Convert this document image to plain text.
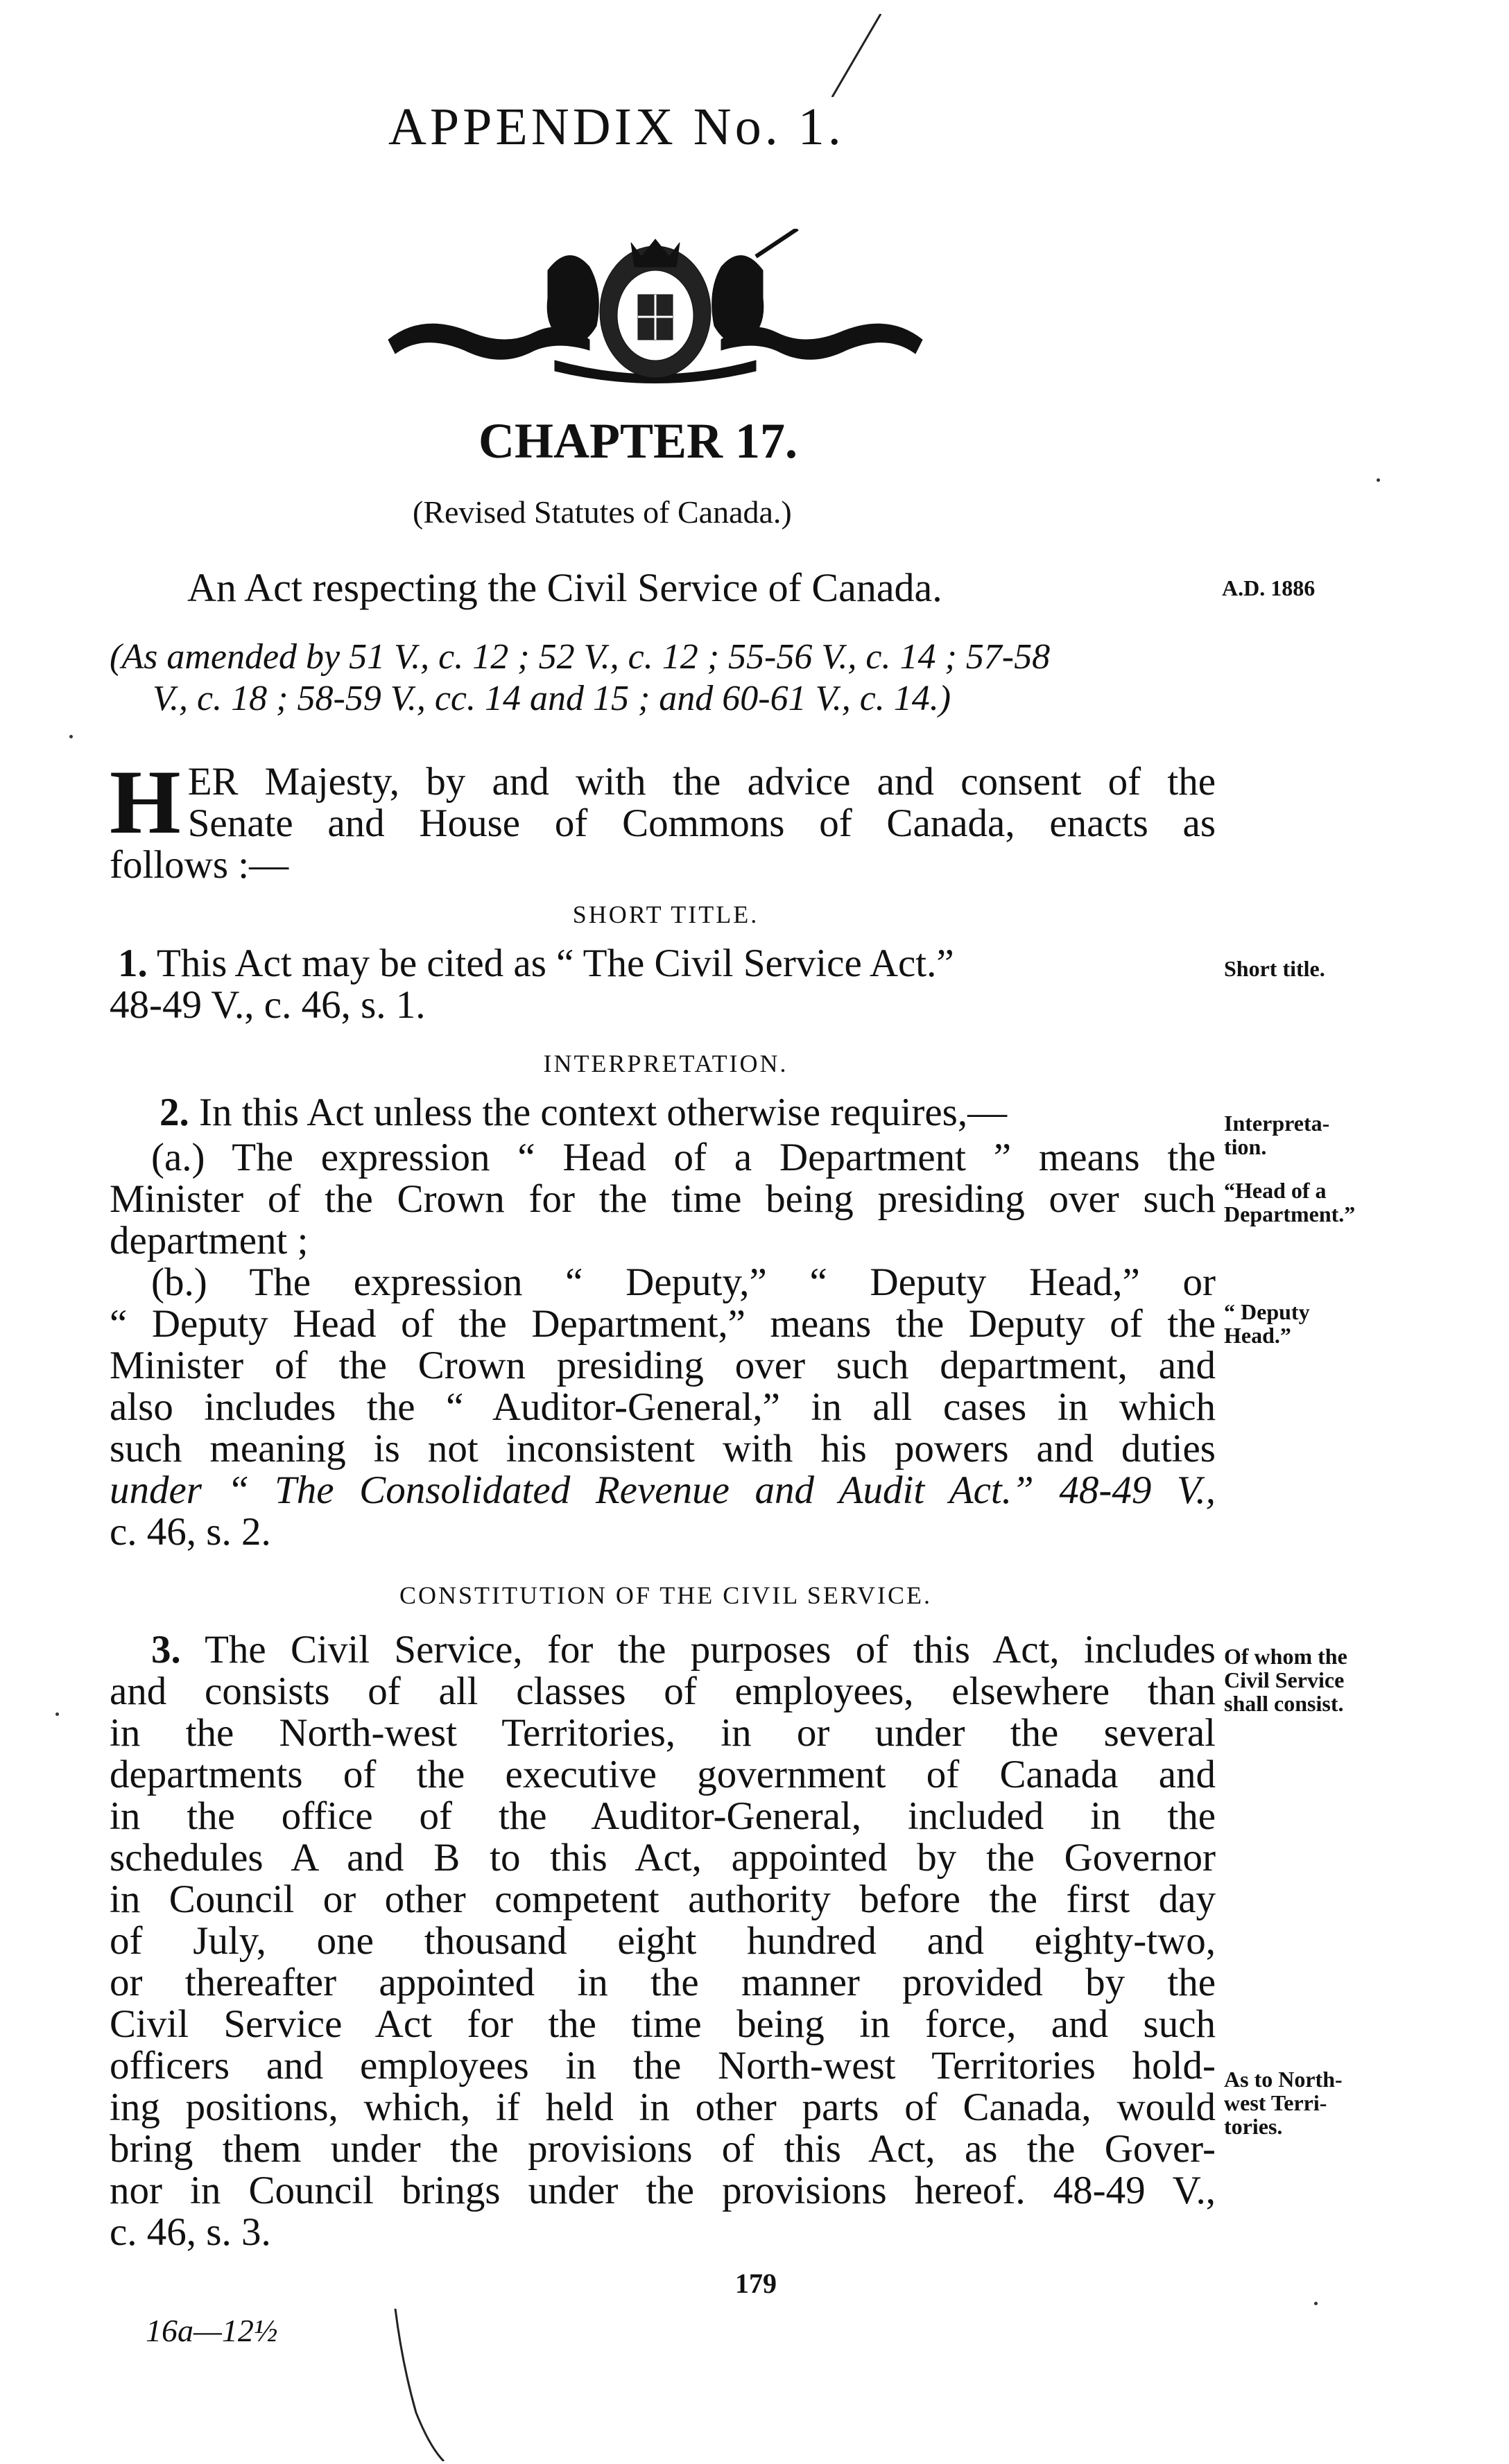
APPENDIX No. 1.
CHAPTER 17.
(Revised Statutes of Canada.)
An Act respecting the Civil Service of Canada.	A.D. 1886
(As amended by 51 V., c. 12 ; 52 V., c. 12 ; 55-56 V., c. 14 ; 57-58
V., c. 18 ; 58-59 V., cc. 14 and 15 ; and 60-61 V., c. 14.)
H ER Majesty, by and with the advice and consent of the
Senate and House of Commons of Canada, enacts as
follows :—
SHORT TITLE.
1. This Act may be cited as “ The Civil Service Act.”
48-49 V., c. 46, s. 1.
Short title.
INTERPRETATION.
2. In this Act unless the context otherwise requires,—	Interpreta-tion.
(a.) The expression “ Head of a Department ” means the
Minister of the Crown for the time being presiding over such
department ;
“Head of a Department.”
(b.) The expression “ Deputy,” “ Deputy Head,” or
“ Deputy Head of the Department,” means the Deputy of the
Minister of the Crown presiding over such department, and
also includes the “ Auditor-General,” in all cases in which
such meaning is not inconsistent with his powers and duties
under “ The Consolidated Revenue and Audit Act.” 48-49 V.,
c. 46, s. 2.
“ Deputy Head.”
CONSTITUTION OF THE CIVIL SERVICE.
3. The Civil Service, for the purposes of this Act, includes
and consists of all classes of employees, elsewhere than
in the North-west Territories, in or under the several
departments of the executive government of Canada and
in the office of the Auditor-General, included in the
schedules A and B to this Act, appointed by the Governor
in Council or other competent authority before the first day
of July, one thousand eight hundred and eighty-two,
or thereafter appointed in the manner provided by the
Civil Service Act for the time being in force, and such
officers and employees in the North-west Territories hold-
ing positions, which, if held in other parts of Canada, would
bring them under the provisions of this Act, as the Gover-
nor in Council brings under the provisions hereof. 48-49 V.,
c. 46, s. 3.
Of whom the Civil Service shall consist.
As to North-west Terri-tories.
179
16a—12½
